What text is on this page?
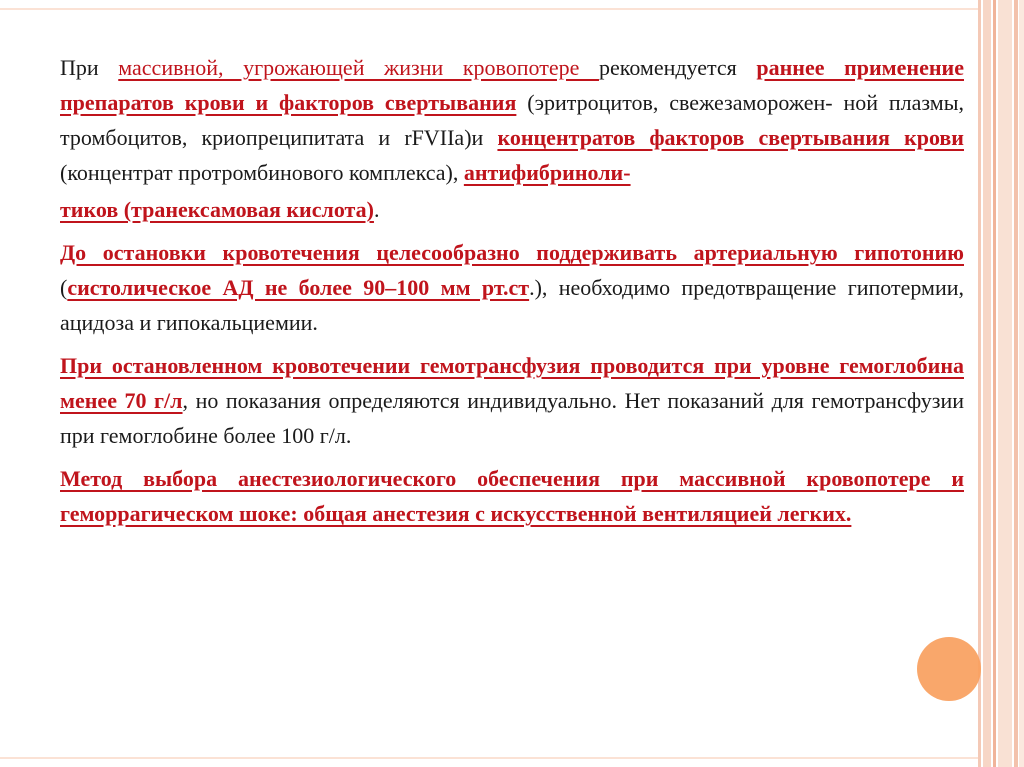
При массивной, угрожающей жизни кровопотере рекомендуется раннее применение препаратов крови и факторов свертывания (эритроцитов, свежезаморожен- ной плазмы, тромбоцитов, криопреципитата и rFVIIa)и концентратов факторов свертывания крови (концентрат протромбинового комплекса), антифибриноли-

тиков (транексамовая кислота).

До остановки кровотечения целесообразно поддерживать артериальную гипотонию (систолическое АД не более 90–100 мм рт.ст.), необходимо предотвращение гипотермии, ацидоза и гипокальциемии.

При остановленном кровотечении гемотрансфузия проводится при уровне гемоглобина менее 70 г/л, но показания определяются индивидуально. Нет показаний для гемотрансфузии при гемоглобине более 100 г/л.

Метод выбора анестезиологического обеспечения при массивной кровопотере и геморрагическом шоке: общая анестезия с искусственной вентиляцией легких.
